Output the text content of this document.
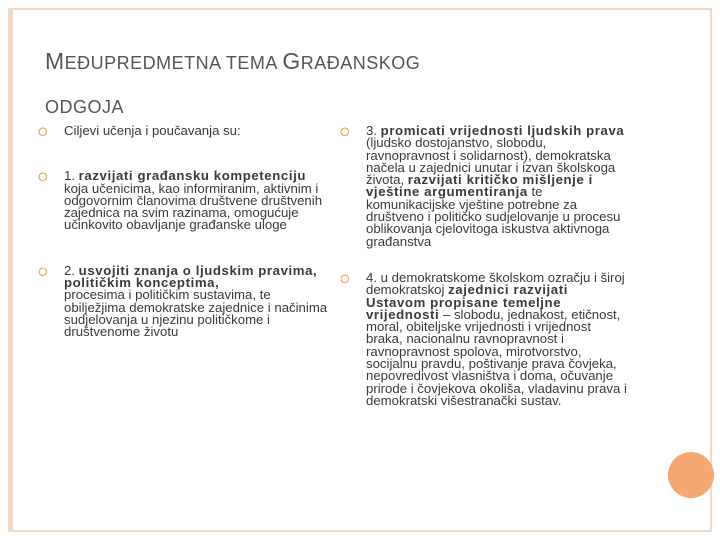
MEĐUPREDMETNA TEMA GRAĐANSKOG
ODGOJA
⭘ Ciljevi učenja i poučavanja su:
⭘ 1. razvijati građansku kompetenciju
koja učenicima, kao informiranim, aktivnim i odgovornim članovima društvene društvenih zajednica na svim razinama, omogućuje učinkovito obavljanje građanske uloge
⭘ 2. usvojiti znanja o ljudskim pravima, političkim konceptima,
procesima i političkim sustavima, te obilježjima demokratske zajednice i načinima sudjelovanja u njezinu političkome i društvenome životu
⭘ 3. promicati vrijednosti ljudskih prava (ljudsko dostojanstvo, slobodu, ravnopravnost i solidarnost), demokratska načela u zajednici unutar i izvan školskoga života, razvijati kritičko mišljenje i vještine argumentiranja te komunikacijske vještine potrebne za društveno i političko sudjelovanje u procesu oblikovanja cjelovitoga iskustva aktivnoga građanstva
⭘ 4. u demokratskome školskom ozračju i široj demokratskoj zajednici razvijati Ustavom propisane temeljne vrijednosti – slobodu, jednakost, etičnost, moral, obiteljske vrijednosti i vrijednost braka, nacionalnu ravnopravnost i ravnopravnost spolova, mirotvorstvo, socijalnu pravdu, poštivanje prava čovjeka, nepovredivost vlasništva i doma, očuvanje prirode i čovjekova okoliša, vladavinu prava i demokratski višestranački sustav.
